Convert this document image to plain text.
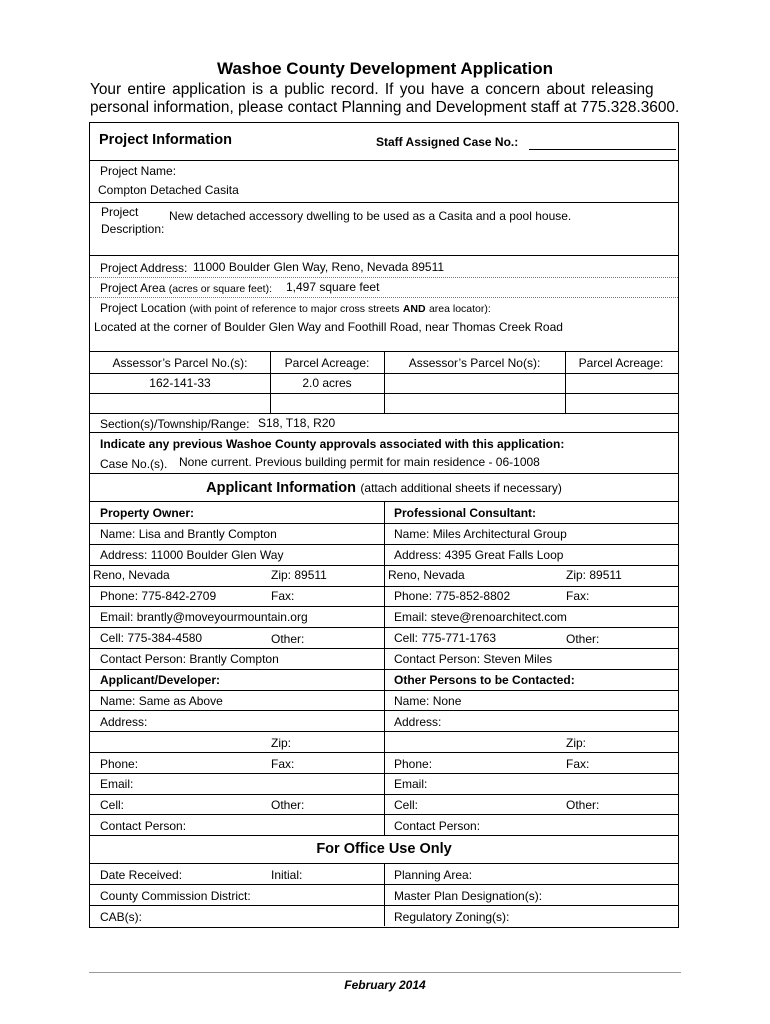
Washoe County Development Application
Your entire application is a public record. If you have a concern about releasing
personal information, please contact Planning and Development staff at 775.328.3600.
Project Information	Staff Assigned Case No.:
Project Name:
Compton Detached Casita
Project
Description:
New detached accessory dwelling to be used as a Casita and a pool house.
Project Address: 11000 Boulder Glen Way, Reno, Nevada 89511
Project Area (acres or square feet): 1,497 square feet
Project Location (with point of reference to major cross streets AND area locator):
Located at the corner of Boulder Glen Way and Foothill Road, near Thomas Creek Road
Assessor’s Parcel No.(s):	Parcel Acreage:	Assessor’s Parcel No(s):	Parcel Acreage:
162-141-33	2.0 acres
Section(s)/Township/Range: S18, T18, R20
Indicate any previous Washoe County approvals associated with this application:
Case No.(s). None current. Previous building permit for main residence - 06-1008
Applicant Information (attach additional sheets if necessary)
Property Owner:
Name: Lisa and Brantly Compton
Address: 11000 Boulder Glen Way
Reno, Nevada	Zip: 89511
Phone: 775-842-2709	Fax:
Email: brantly@moveyourmountain.org
Cell: 775-384-4580	Other:
Contact Person: Brantly Compton
Professional Consultant:
Name: Miles Architectural Group
Address: 4395 Great Falls Loop
Reno, Nevada	Zip: 89511
Phone: 775-852-8802	Fax:
Email: steve@renoarchitect.com
Cell: 775-771-1763	Other:
Contact Person: Steven Miles
Applicant/Developer:
Name: Same as Above
Address:
Zip:
Phone:	Fax:
Email:
Cell:	Other:
Contact Person:
Other Persons to be Contacted:
Name: None
Address:
Zip:
Phone:	Fax:
Email:
Cell:	Other:
Contact Person:
For Office Use Only
Date Received:	Initial:	Planning Area:
County Commission District:	Master Plan Designation(s):
CAB(s):	Regulatory Zoning(s):
February 2014
